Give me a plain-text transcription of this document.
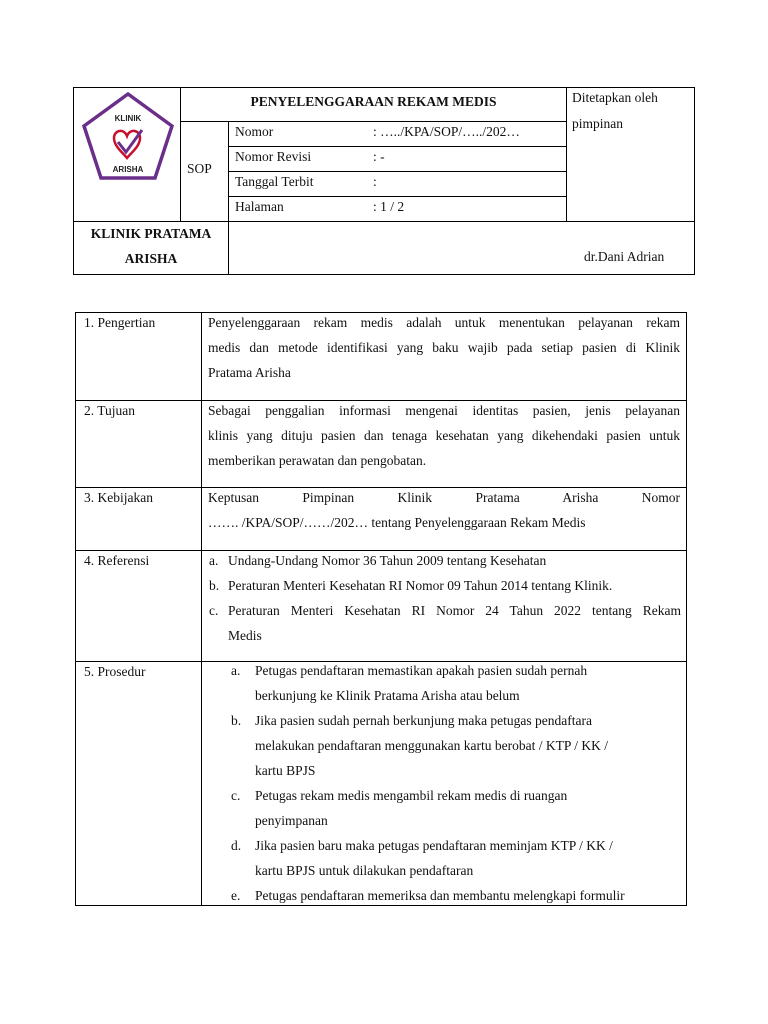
KLINIK
ARISHA
PENYELENGGARAAN REKAM MEDIS
SOP
Nomor	: …../KPA/SOP/…../202…
Nomor Revisi	: -
Tanggal Terbit	:
Halaman	: 1 / 2
Ditetapkan oleh
pimpinan
KLINIK PRATAMA
ARISHA	dr.Dani Adrian
1. Pengertian	Penyelenggaraan rekam medis adalah untuk menentukan pelayanan rekam
medis dan metode identifikasi yang baku wajib pada setiap pasien di Klinik
Pratama Arisha
2. Tujuan	Sebagai penggalian informasi mengenai identitas pasien, jenis pelayanan
klinis yang dituju pasien dan tenaga kesehatan yang dikehendaki pasien untuk
memberikan perawatan dan pengobatan.
3. Kebijakan	Keptusan Pimpinan Klinik Pratama Arisha Nomor
……. /KPA/SOP/……/202… tentang Penyelenggaraan Rekam Medis
4. Referensi	a. Undang-Undang Nomor 36 Tahun 2009 tentang Kesehatan
b. Peraturan Menteri Kesehatan RI Nomor 09 Tahun 2014 tentang Klinik.
c. Peraturan Menteri Kesehatan RI Nomor 24 Tahun 2022 tentang Rekam
Medis
5. Prosedur	a. Petugas pendaftaran memastikan apakah pasien sudah pernah
berkunjung ke Klinik Pratama Arisha atau belum
b. Jika pasien sudah pernah berkunjung maka petugas pendaftara
melakukan pendaftaran menggunakan kartu berobat / KTP / KK /
kartu BPJS
c. Petugas rekam medis mengambil rekam medis di ruangan
penyimpanan
d. Jika pasien baru maka petugas pendaftaran meminjam KTP / KK /
kartu BPJS untuk dilakukan pendaftaran
e. Petugas pendaftaran memeriksa dan membantu melengkapi formulir
